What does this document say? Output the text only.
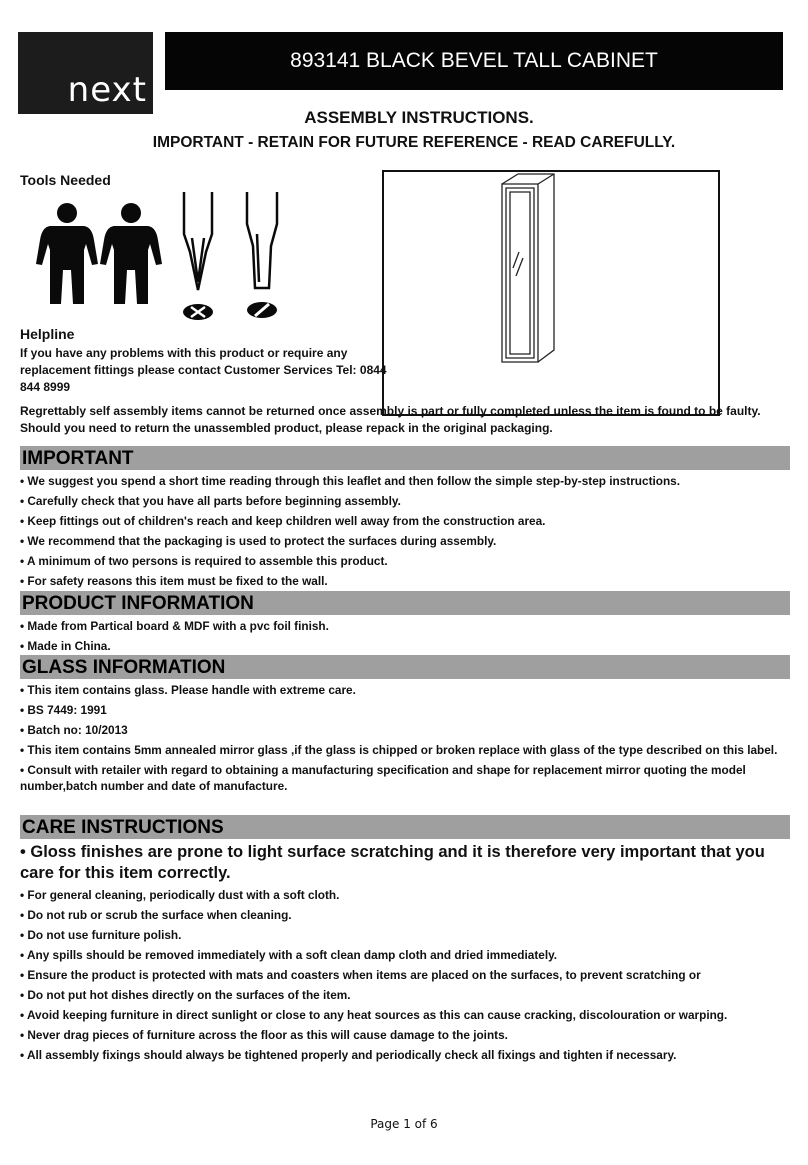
next
893141 BLACK BEVEL TALL CABINET
ASSEMBLY INSTRUCTIONS.
IMPORTANT - RETAIN FOR FUTURE REFERENCE - READ CAREFULLY.
Tools Needed
Helpline
If you have any problems with this product or require any replacement fittings please contact Customer Services Tel: 0844 844 8999
Regrettably self assembly items cannot be returned once assembly is part or fully completed unless the item is found to be faulty. Should you need to return the unassembled product, please repack in the original packaging.
IMPORTANT
• We suggest you spend a short time reading through this leaflet and then follow the simple step-by-step instructions.
• Carefully check that you have all parts before beginning assembly.
• Keep fittings out of children's reach and keep children well away from the construction area.
• We recommend that the packaging is used to protect the surfaces during assembly.
• A minimum of two persons is required to assemble this product.
• For safety reasons this item must be fixed to the wall.
PRODUCT INFORMATION
• Made from Partical board & MDF with a pvc foil finish.
• Made in China.
GLASS INFORMATION
• This item contains glass. Please handle with extreme care.
• BS 7449: 1991
• Batch no: 10/2013
• This item contains 5mm annealed mirror glass ,if the glass is chipped or broken replace with glass of the type described on this label.
• Consult with retailer with regard to obtaining a manufacturing specification and shape for replacement mirror quoting the model number,batch number and date of manufacture.
CARE INSTRUCTIONS
• Gloss finishes are prone to light surface scratching and it is therefore very important that you care for this item correctly.
• For general cleaning, periodically dust with a soft cloth.
• Do not rub or scrub the surface when cleaning.
• Do not use furniture polish.
• Any spills should be removed immediately with a soft clean damp cloth and dried immediately.
• Ensure the product is protected with mats and coasters when items are placed on the surfaces, to prevent scratching or
• Do not put hot dishes directly on the surfaces of the item.
• Avoid keeping furniture in direct sunlight or close to any heat sources as this can cause cracking, discolouration or warping.
• Never drag pieces of furniture across the floor as this will cause damage to the joints.
• All assembly fixings should always be tightened properly and periodically check all fixings and tighten if necessary.
Page 1 of 6
